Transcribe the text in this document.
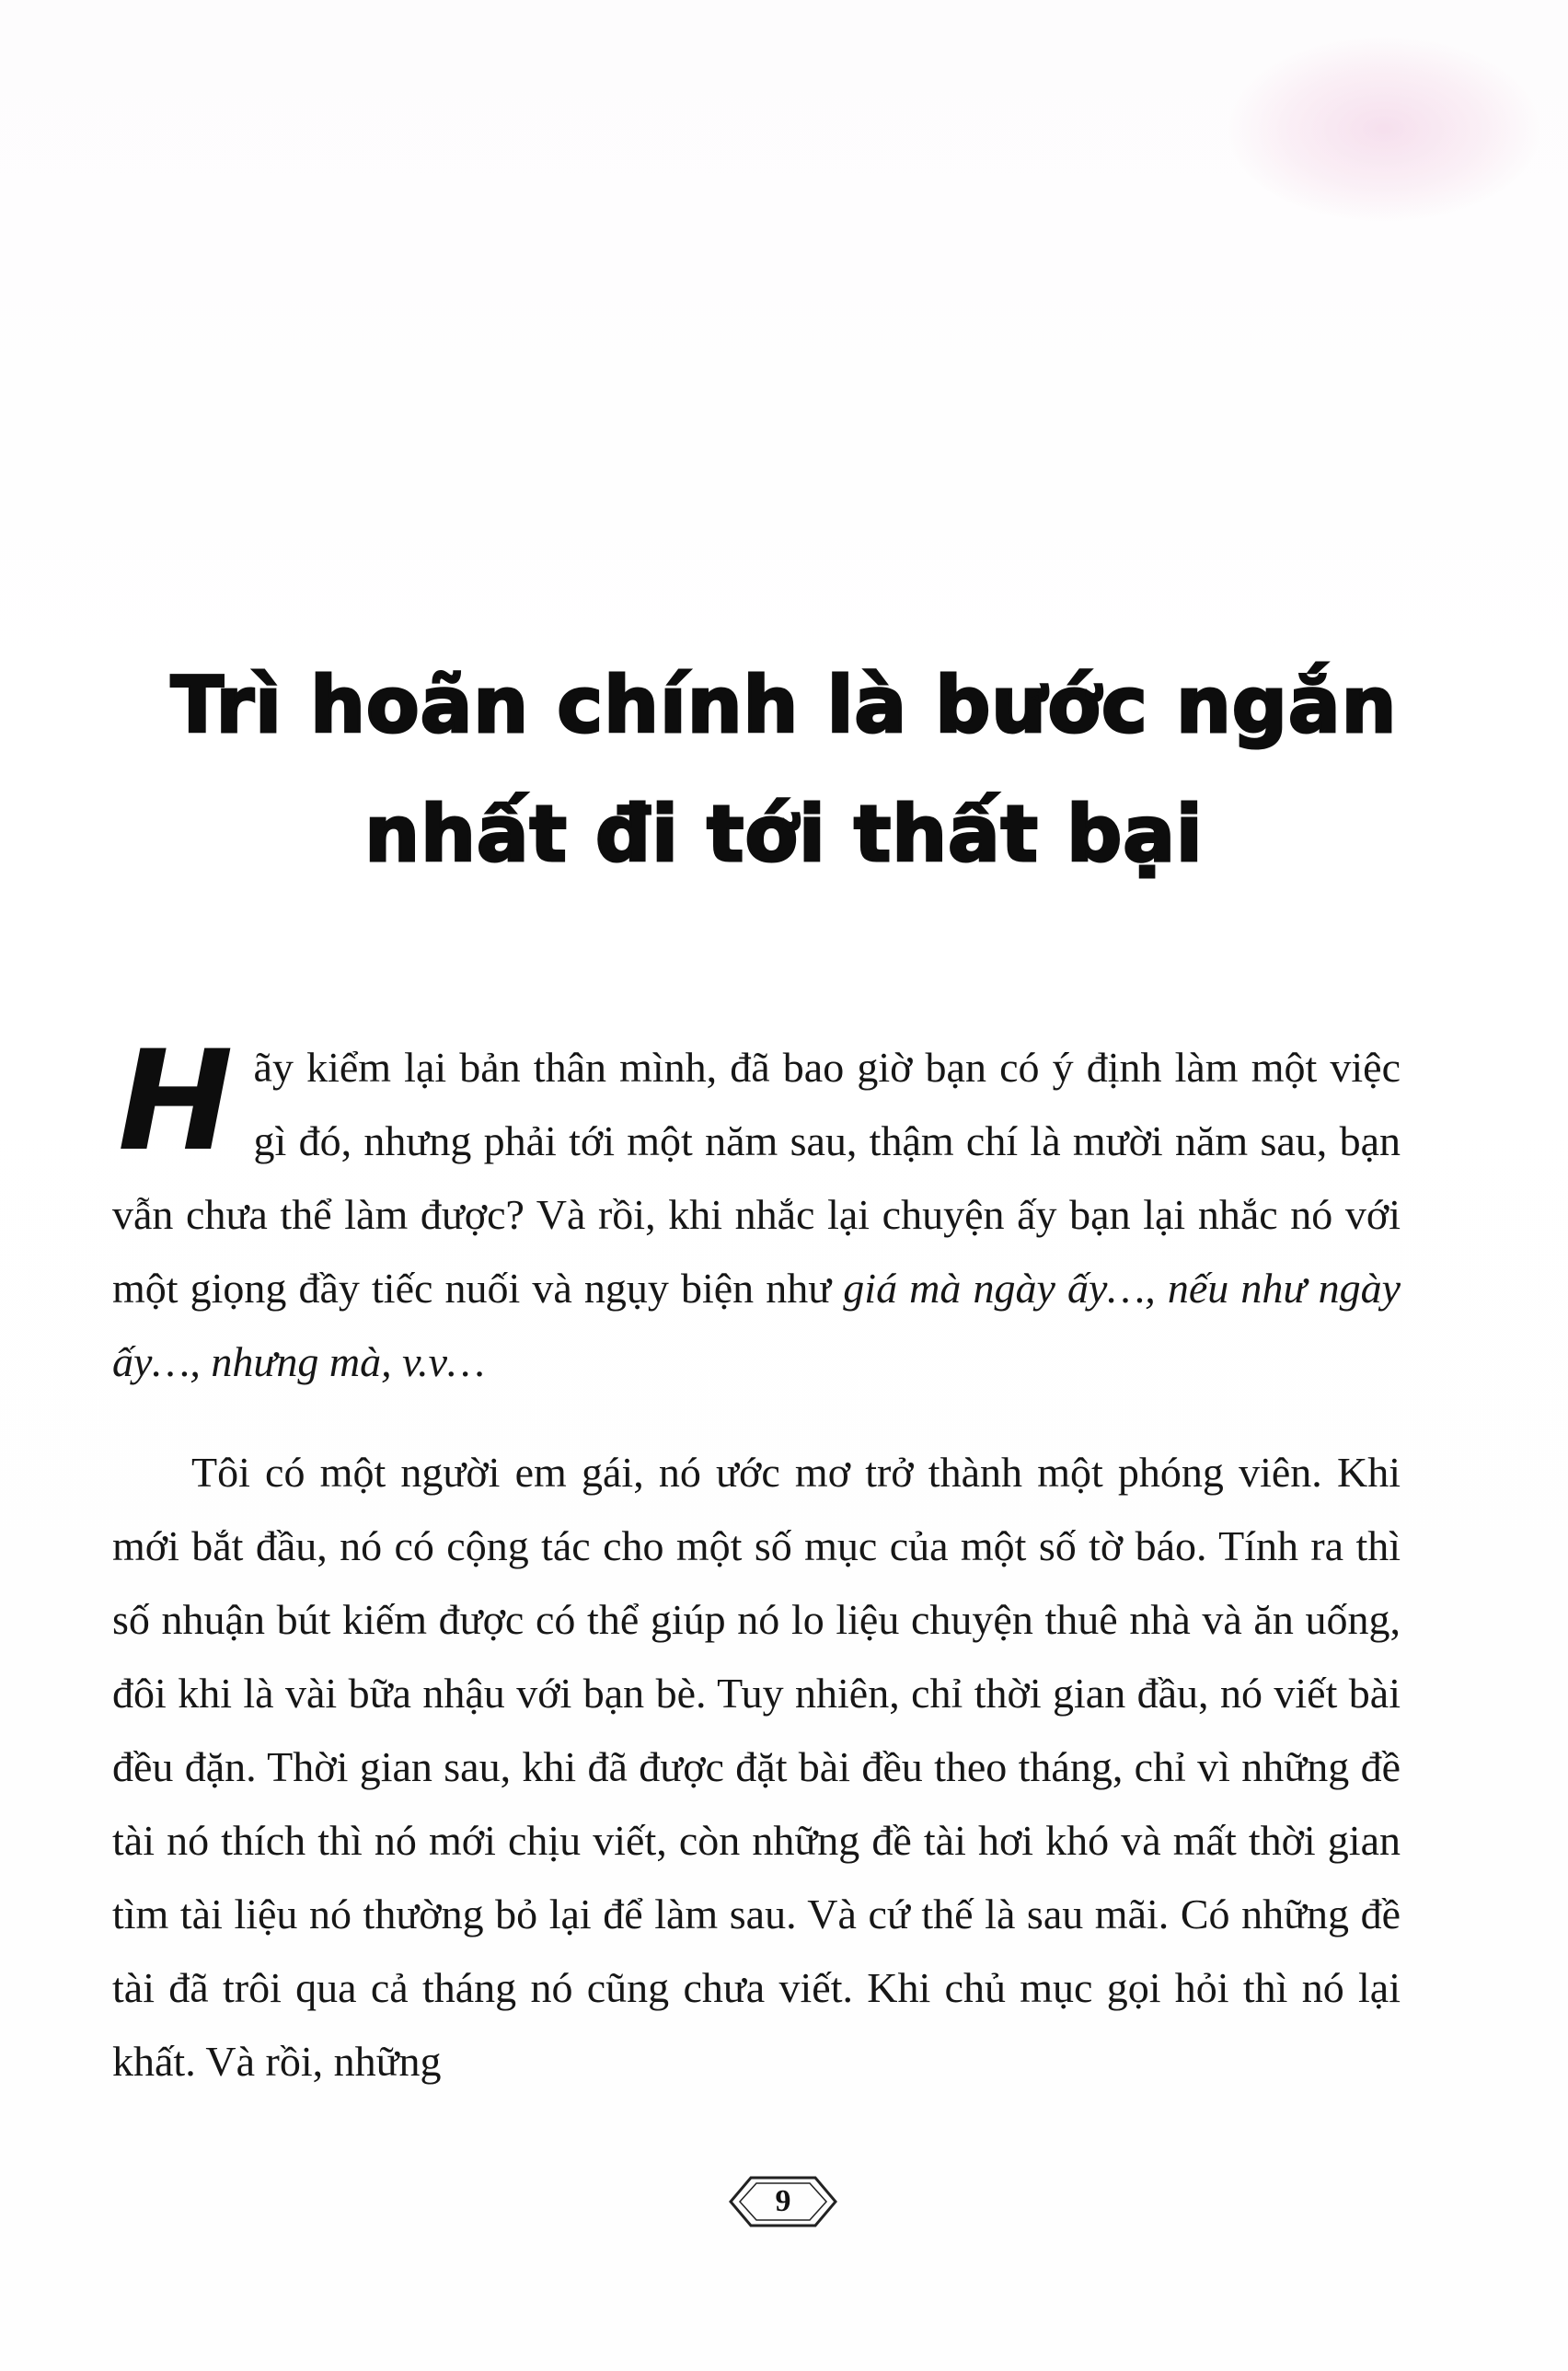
Trì hoãn chính là bước ngắn
nhất đi tới thất bại

Hãy kiểm lại bản thân mình, đã bao giờ bạn có ý định làm một việc gì đó, nhưng phải tới một năm sau, thậm chí là mười năm sau, bạn vẫn chưa thể làm được? Và rồi, khi nhắc lại chuyện ấy bạn lại nhắc nó với một giọng đầy tiếc nuối và ngụy biện như giá mà ngày ấy…, nếu như ngày ấy…, nhưng mà, v.v…

Tôi có một người em gái, nó ước mơ trở thành một phóng viên. Khi mới bắt đầu, nó có cộng tác cho một số mục của một số tờ báo. Tính ra thì số nhuận bút kiếm được có thể giúp nó lo liệu chuyện thuê nhà và ăn uống, đôi khi là vài bữa nhậu với bạn bè. Tuy nhiên, chỉ thời gian đầu, nó viết bài đều đặn. Thời gian sau, khi đã được đặt bài đều theo tháng, chỉ vì những đề tài nó thích thì nó mới chịu viết, còn những đề tài hơi khó và mất thời gian tìm tài liệu nó thường bỏ lại để làm sau. Và cứ thế là sau mãi. Có những đề tài đã trôi qua cả tháng nó cũng chưa viết. Khi chủ mục gọi hỏi thì nó lại khất. Và rồi, những

9
